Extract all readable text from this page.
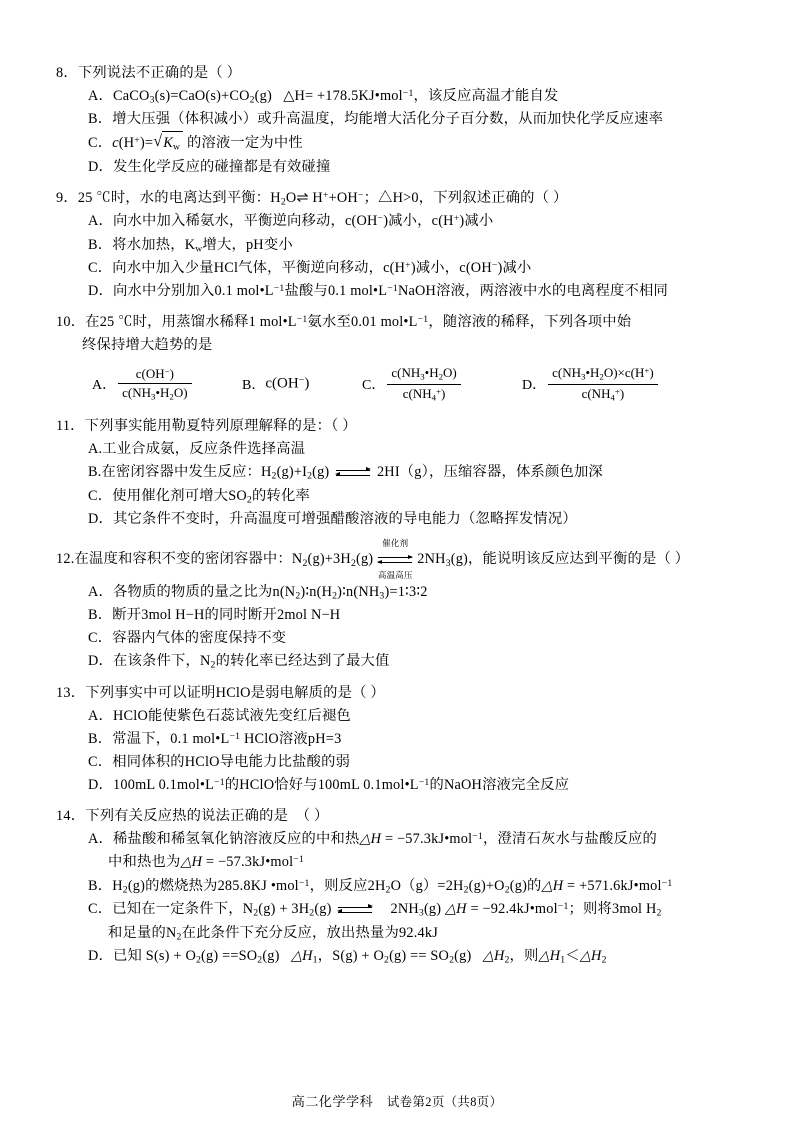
8．下列说法不正确的是（ ）
A．$CaCO_3(s)=CaO(s)+CO_2(g)$   △H= +178.5KJ•mol$^{-1}$，该反应高温才能自发
B．增大压强（体积减小）或升高温度，均能增大活化分子百分数，从而加快化学反应速率
C．c(H+)= √ $K_w$ 的溶液一定为中性
D．发生化学反应的碰撞都是有效碰撞
9．25 ℃时，水的电离达到平衡：$H_2O\rightleftharpoons$ H++OH−；△H>0，下列叙述正确的（ ）
A．向水中加入稀氨水，平衡逆向移动，c(OH−)减小，c(H+)减小
B．将水加热，$K_w$增大，pH变小
C．向水中加入少量HCl气体，平衡逆向移动，c(H+)减小，c(OH−)减小
D．向水中分别加入0.1 $mol•L^{-1}$盐酸与0.1 $mol•L^{-1}NaOH$溶液，两溶液中水的电离程度不相同
10．在25 ℃时，用蒸馏水稀释1 $mol•L^{-1}$氨水至0.01 $mol•L^{-1}$，随溶液的稀释，下列各项中始
终保持增大趋势的是
A． $\frac{c(OH^-)}{c(NH_3•H_2O)}$	B． c(OH−)	C． $\frac{c(NH_3•H_2O)}{c(NH_4^+)}$	D． $\frac{c(NH_3•H_2O)\times c(H^+)}{c(NH_4^+)}$
11．下列事实能用勒夏特列原理解释的是：（ ）
A.工业合成氨，反应条件选择高温
B.在密闭容器中发生反应：$H_2(g)+I_2(g)$	2HI（g），压缩容器，体系颜色加深
C．使用催化剂可增大$SO_2$的转化率
D．其它条件不变时，升高温度可增强醋酸溶液的导电能力（忽略挥发情况）
12.在温度和容积不变的密闭容器中：$N_2(g)+3H_2(g)$
催化剂
高温高压
$2NH_3(g)$，能说明该反应达到平衡的是（ ）
A．各物质的物质的量之比为$n(N_2)∶n(H_2)∶n(NH_3)=1∶3∶2$
B．断开3mol H−H的同时断开2mol N−H
C．容器内气体的密度保持不变
D．在该条件下，$N_2$的转化率已经达到了最大值
13．下列事实中可以证明HClO是弱电解质的是（ ）
A．HClO能使紫色石蕊试液先变红后褪色
B．常温下，0.1 $mol•L^{-1}$ HClO溶液pH=3
C．相同体积的HClO导电能力比盐酸的弱
D．100mL $0.1mol•L^{-1}$的HClO恰好与100mL $0.1mol•L^{-1}$的NaOH溶液完全反应
14．下列有关反应热的说法正确的是  （ ）
A．稀盐酸和稀氢氧化钠溶液反应的中和热△H = −57.3kJ•mol$^{-1}$，澄清石灰水与盐酸反应的
中和热也为△H = −57.3kJ•mol$^{-1}$
B．$H_2(g)$的燃烧热为285.8KJ •mol$^{-1}$，则反应$2H_2O(g)=2H_2(g)+O_2(g)$的△H = +571.6kJ•mol$^{-1}$
C．已知在一定条件下，$N_2(g) + 3H_2(g)$	$2NH_3(g)$ △H = −92.4kJ•mol$^{-1}$；则将3mol $H_2$
和足量的$N_2$在此条件下充分反应，放出热量为92.4kJ
D．已知 $S(s) + O_2(g) ==SO_2(g)$   $\triangle H_1$，$S(g) + O_2(g) == SO_2(g)$   $\triangle H_2$，则$\triangle H_1<\triangle H_2$
高二化学学科 试卷第2页（共8页）
